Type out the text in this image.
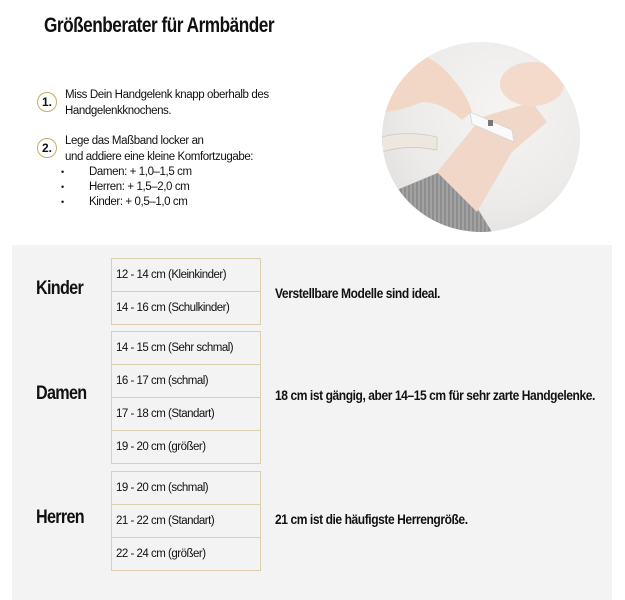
Größenberater für Armbänder
1.	Miss Dein Handgelenk knapp oberhalb des
Handgelenkknochens.
2.	Lege das Maßband locker an
und addiere eine kleine Komfortzugabe:
• Damen: + 1,0–1,5 cm
• Herren: + 1,5–2,0 cm
• Kinder: + 0,5–1,0 cm
Kinder
12 - 14 cm (Kleinkinder)
14 - 16 cm (Schulkinder)
Verstellbare Modelle sind ideal.
Damen
14 - 15 cm (Sehr schmal)
16 - 17 cm (schmal)
17 - 18 cm (Standart)
19 - 20 cm (größer)
18 cm ist gängig, aber 14–15 cm für sehr zarte Handgelenke.
Herren
19 - 20 cm (schmal)
21 - 22 cm (Standart)
22 - 24 cm (größer)
21 cm ist die häufigste Herrengröße.
